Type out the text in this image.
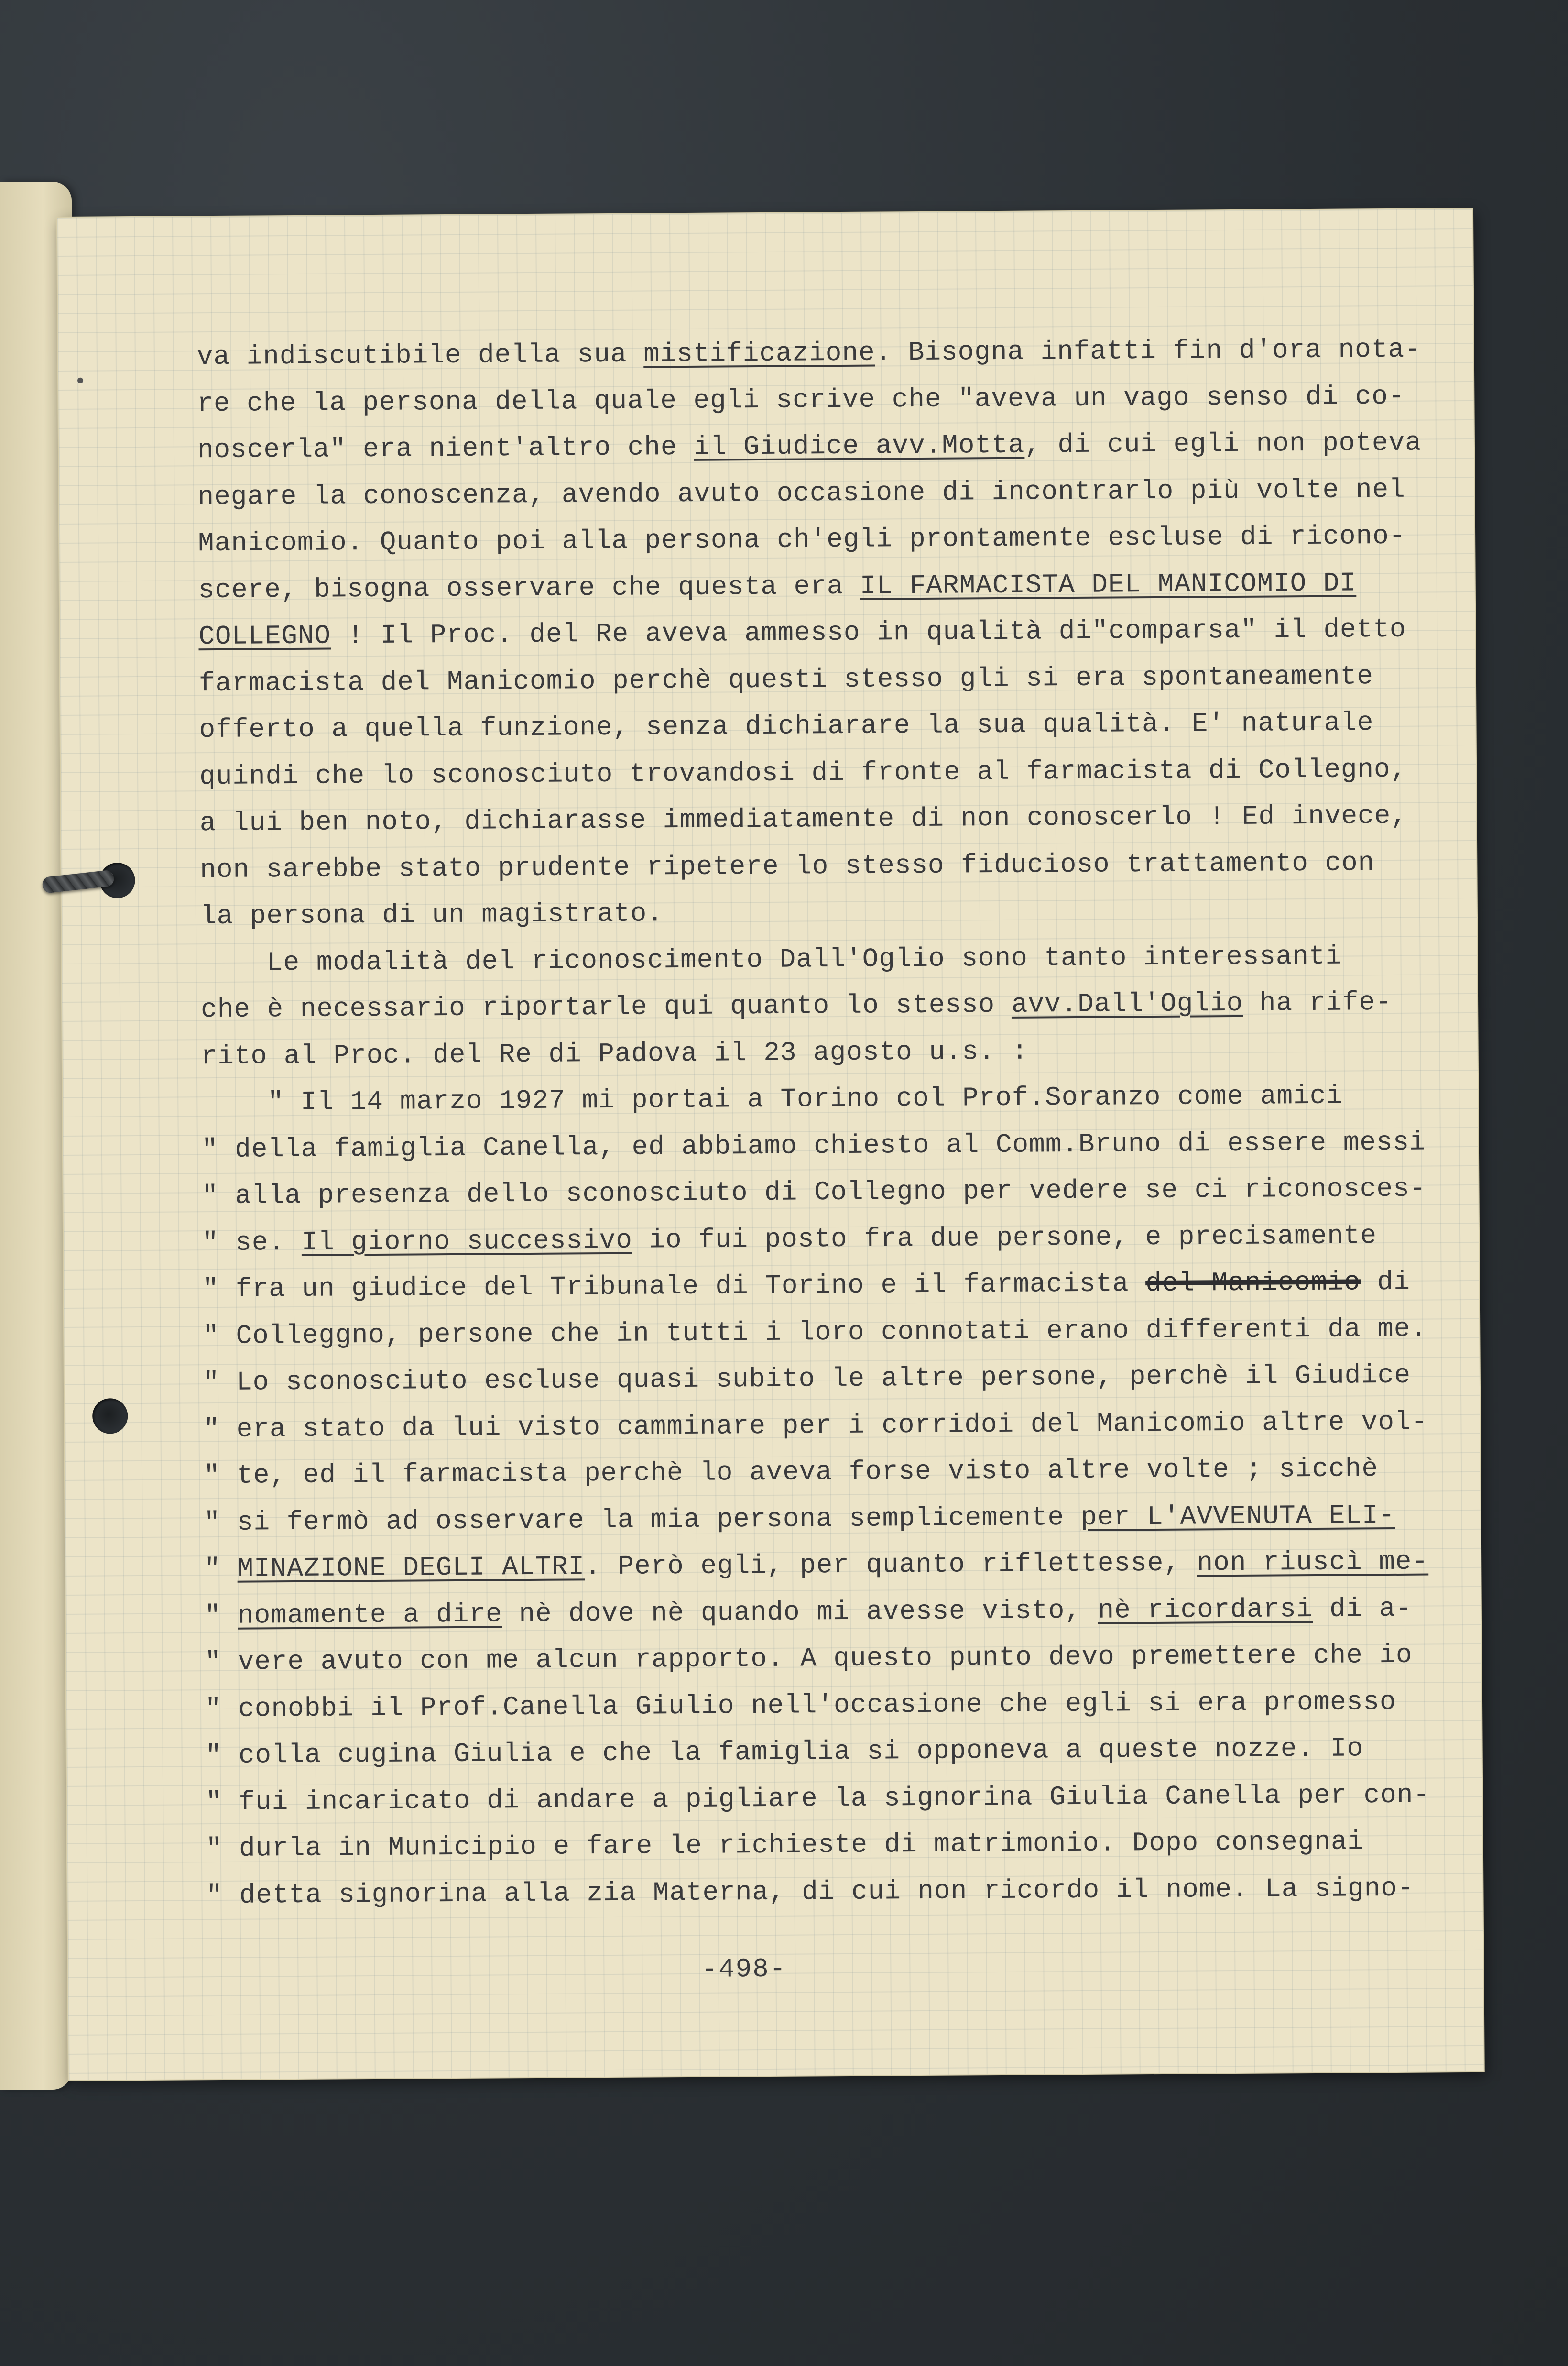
va indiscutibile della sua mistificazione. Bisogna infatti fin d'ora nota-
re che la persona della quale egli scrive che "aveva un vago senso di co-
noscerla" era nient'altro che il Giudice avv.Motta, di cui egli non poteva
negare la conoscenza, avendo avuto occasione di incontrarlo più volte nel
Manicomio. Quanto poi alla persona ch'egli prontamente escluse di ricono-
scere, bisogna osservare che questa era IL FARMACISTA DEL MANICOMIO DI
COLLEGNO ! Il Proc. del Re aveva ammesso in qualità di"comparsa" il detto
farmacista del Manicomio perchè questi stesso gli si era spontaneamente
offerto a quella funzione, senza dichiarare la sua qualità. E' naturale
quindi che lo sconosciuto trovandosi di fronte al farmacista di Collegno,
a lui ben noto, dichiarasse immediatamente di non conoscerlo ! Ed invece,
non sarebbe stato prudente ripetere lo stesso fiducioso trattamento con
la persona di un magistrato.
Le modalità del riconoscimento Dall'Oglio sono tanto interessanti
che è necessario riportarle qui quanto lo stesso avv.Dall'Oglio ha rife-
rito al Proc. del Re di Padova il 23 agosto u.s. :
" Il 14 marzo 1927 mi portai a Torino col Prof.Soranzo come amici
" della famiglia Canella, ed abbiamo chiesto al Comm.Bruno di essere messi
" alla presenza dello sconosciuto di Collegno per vedere se ci riconosces-
" se. Il giorno successivo io fui posto fra due persone, e precisamente
" fra un giudice del Tribunale di Torino e il farmacista del Manicomio di
" Colleggno, persone che in tutti i loro connotati erano differenti da me.
" Lo sconosciuto escluse quasi subito le altre persone, perchè il Giudice
" era stato da lui visto camminare per i corridoi del Manicomio altre vol-
" te, ed il farmacista perchè lo aveva forse visto altre volte ; sicchè
" si fermò ad osservare la mia persona semplicemente per L'AVVENUTA ELI-
" MINAZIONE DEGLI ALTRI. Però egli, per quanto riflettesse, non riuscì me-
" nomamente a dire nè dove nè quando mi avesse visto, nè ricordarsi di a-
" vere avuto con me alcun rapporto. A questo punto devo premettere che io
" conobbi il Prof.Canella Giulio nell'occasione che egli si era promesso
" colla cugina Giulia e che la famiglia si opponeva a queste nozze. Io
" fui incaricato di andare a pigliare la signorina Giulia Canella per con-
" durla in Municipio e fare le richieste di matrimonio. Dopo consegnai
" detta signorina alla zia Materna, di cui non ricordo il nome. La signo-
-498-
